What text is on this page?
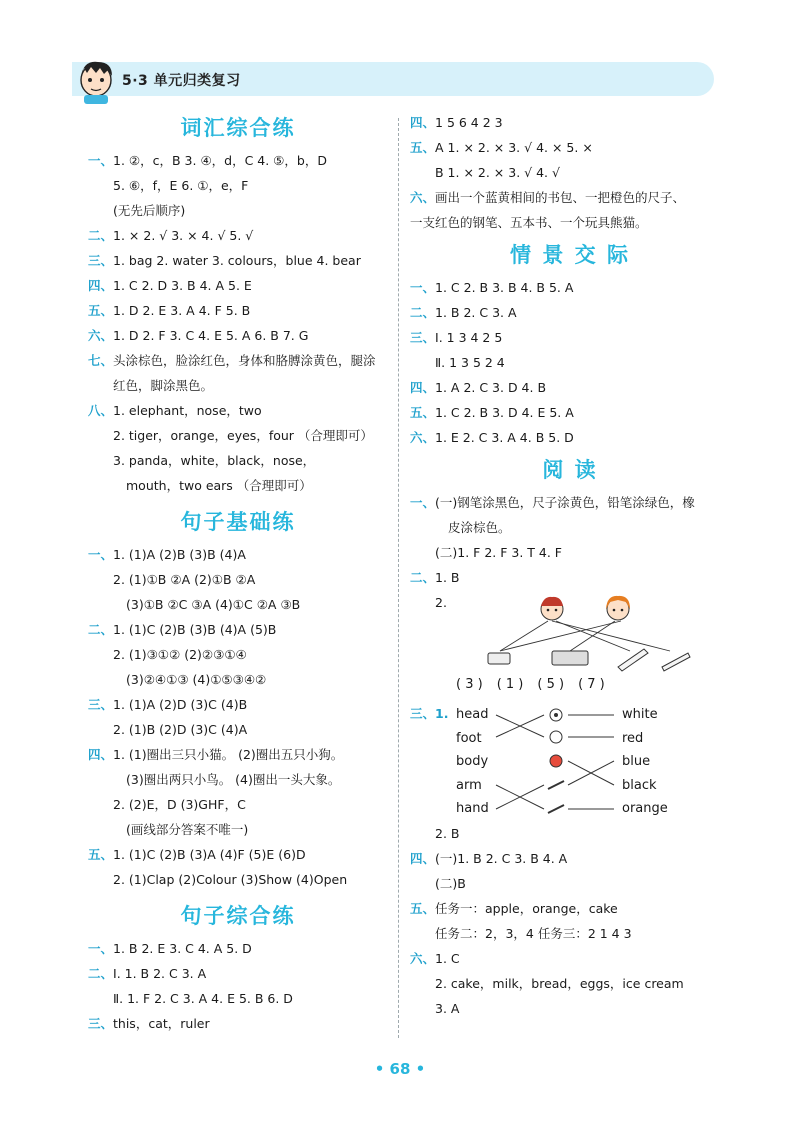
5·3 单元归类复习
词汇综合练
一、1. ②，c，B 3. ④，d，C 4. ⑤，b，D
5. ⑥，f，E 6. ①，e，F
(无先后顺序)
二、1. × 2. √ 3. × 4. √ 5. √
三、1. bag 2. water 3. colours，blue 4. bear
四、1. C 2. D 3. B 4. A 5. E
五、1. D 2. E 3. A 4. F 5. B
六、1. D 2. F 3. C 4. E 5. A 6. B 7. G
七、头涂棕色，脸涂红色，身体和胳膊涂黄色，腿涂
红色，脚涂黑色。
八、1. elephant，nose，two
2. tiger，orange，eyes，four （合理即可）
3. panda，white，black，nose，
mouth，two ears （合理即可）
句子基础练
一、1. (1)A (2)B (3)B (4)A
2. (1)①B ②A (2)①B ②A
(3)①B ②C ③A (4)①C ②A ③B
二、1. (1)C (2)B (3)B (4)A (5)B
2. (1)③①② (2)②③①④
(3)②④①③ (4)①⑤③④②
三、1. (1)A (2)D (3)C (4)B
2. (1)B (2)D (3)C (4)A
四、1. (1)圈出三只小猫。 (2)圈出五只小狗。
(3)圈出两只小鸟。 (4)圈出一头大象。
2. (2)E，D (3)GHF，C
(画线部分答案不唯一)
五、1. (1)C (2)B (3)A (4)F (5)E (6)D
2. (1)Clap (2)Colour (3)Show (4)Open
句子综合练
一、1. B 2. E 3. C 4. A 5. D
二、Ⅰ. 1. B 2. C 3. A
Ⅱ. 1. F 2. C 3. A 4. E 5. B 6. D
三、this，cat，ruler
四、1 5 6 4 2 3
五、A 1. × 2. × 3. √ 4. × 5. ×
B 1. × 2. × 3. √ 4. √
六、画出一个蓝黄相间的书包、一把橙色的尺子、
一支红色的钢笔、五本书、一个玩具熊猫。
情 景 交 际
一、1. C 2. B 3. B 4. B 5. A
二、1. B 2. C 3. A
三、Ⅰ. 1 3 4 2 5
Ⅱ. 1 3 5 2 4
四、1. A 2. C 3. D 4. B
五、1. C 2. B 3. D 4. E 5. A
六、1. E 2. C 3. A 4. B 5. D
阅 读
一、(一)钢笔涂黑色，尺子涂黄色，铅笔涂绿色，橡
皮涂棕色。
(二)1. F 2. F 3. T 4. F
二、1. B
2.
( 3 ) ( 1 ) ( 5 ) ( 7 )
三、1. head
foot
body
arm
hand
white
red
blue
black
orange
2. B
四、(一)1. B 2. C 3. B 4. A
(二)B
五、任务一：apple，orange，cake
任务二：2，3，4 任务三：2 1 4 3
六、1. C
2. cake，milk，bread，eggs，ice cream
3. A
• 68 •
